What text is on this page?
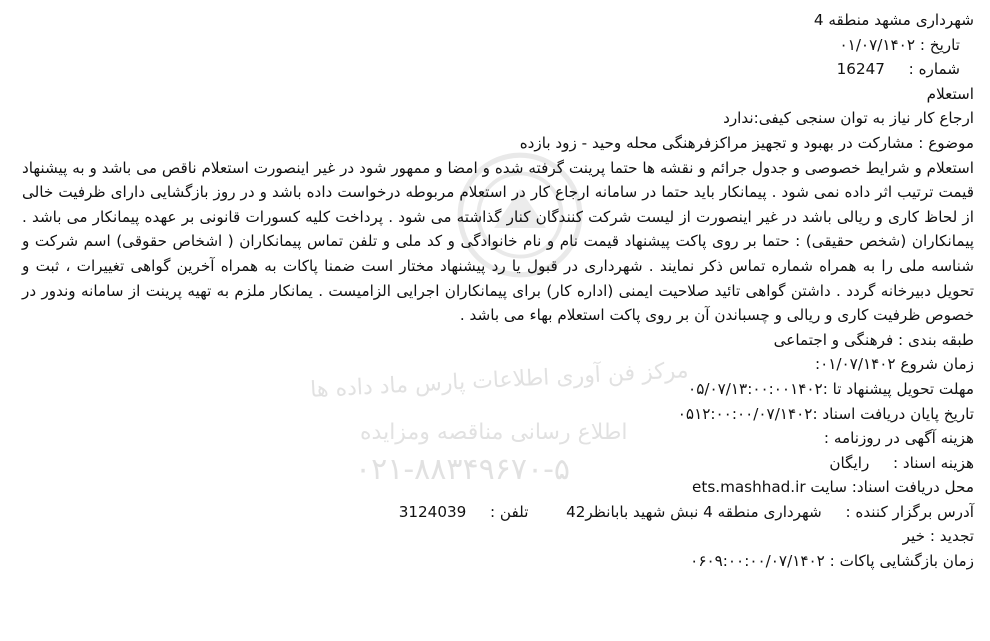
مرکز فن آوری اطلاعات پارس ماد داده ها
اطلاع رسانی مناقصه ومزایده
۰۲۱-۸۸۳۴۹۶۷۰-۵
شهرداری مشهد منطقه 4
تاریخ : ۰۱/۰۷/۱۴۰۲
شماره :  16247
استعلام
ارجاع کار نیاز به توان سنجی کیفی:ندارد
موضوع : مشارکت در بهبود و تجهیز مراکزفرهنگی محله وحید - زود بازده

استعلام و شرایط خصوصی و جدول جرائم و نقشه ها حتما پرینت گرفته شده و امضا و ممهور شود در غیر اینصورت استعلام ناقص می باشد و به پیشنهاد قیمت ترتیب اثر داده نمی شود . پیمانکار باید حتما در سامانه ارجاع کار در استعلام مربوطه درخواست داده باشد و در روز بازگشایی دارای ظرفیت خالی از لحاظ کاری و ریالی باشد در غیر اینصورت از لیست شرکت کنندگان کنار گذاشته می شود . پرداخت کلیه کسورات قانونی بر عهده پیمانکار می باشد . پیمانکاران (شخص حقیقی) : حتما بر روی پاکت پیشنهاد قیمت نام و نام خانوادگی و کد ملی و تلفن تماس پیمانکاران ( اشخاص حقوقی) اسم شرکت و شناسه ملی را به همراه شماره تماس ذکر نمایند . شهرداری در قبول یا رد پیشنهاد مختار است ضمنا پاکات به همراه آخرین گواهی تغییرات ، ثبت و تحویل دبیرخانه گردد . داشتن گواهی تائید صلاحیت ایمنی (اداره کار) برای پیمانکاران اجرایی الزامیست . یمانکار ملزم به تهیه پرینت از سامانه وندور در خصوص ظرفیت کاری و ریالی و چسباندن آن بر روی پاکت استعلام بهاء می باشد .

طبقه بندی : فرهنگی و اجتماعی
زمان شروع ۰۱/۰۷/۱۴۰۲:
مهلت تحویل پیشنهاد تا :۰۵/۰۷/۱۳:۰۰:۰۰۱۴۰۲
تاریخ پایان دریافت اسناد :۰۵۱۲:۰۰:۰۰/۰۷/۱۴۰۲
هزینه آگهی در روزنامه :
هزینه اسناد :  رایگان
محل دریافت اسناد: سایت ets.mashhad.ir
آدرس برگزار کننده :  شهرداری منطقه 4 نبش شهید بابانظر42  تلفن :  3124039
تجدید : خیر
زمان بازگشایی پاکات : ۰۶۰۹:۰۰:۰۰/۰۷/۱۴۰۲
